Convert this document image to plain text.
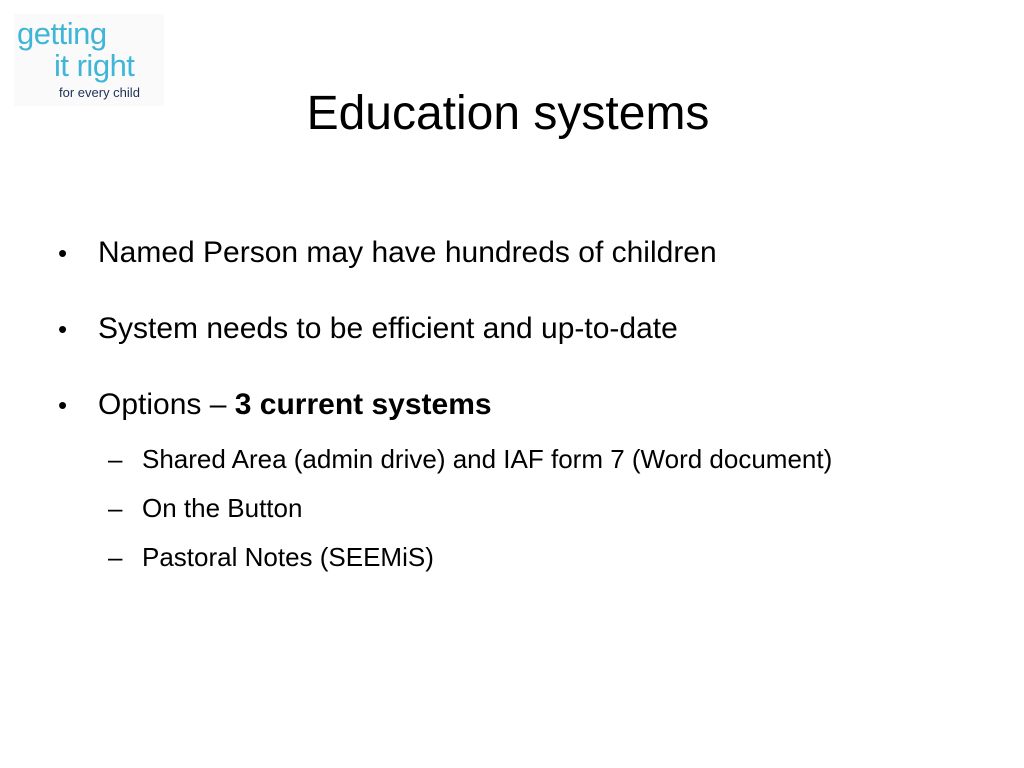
getting
it right
for every child	Education systems
• Named Person may have hundreds of children
• System needs to be efficient and up-to-date
• Options – 3 current systems
– Shared Area (admin drive) and IAF form 7 (Word document)
– On the Button
– Pastoral Notes (SEEMiS)
